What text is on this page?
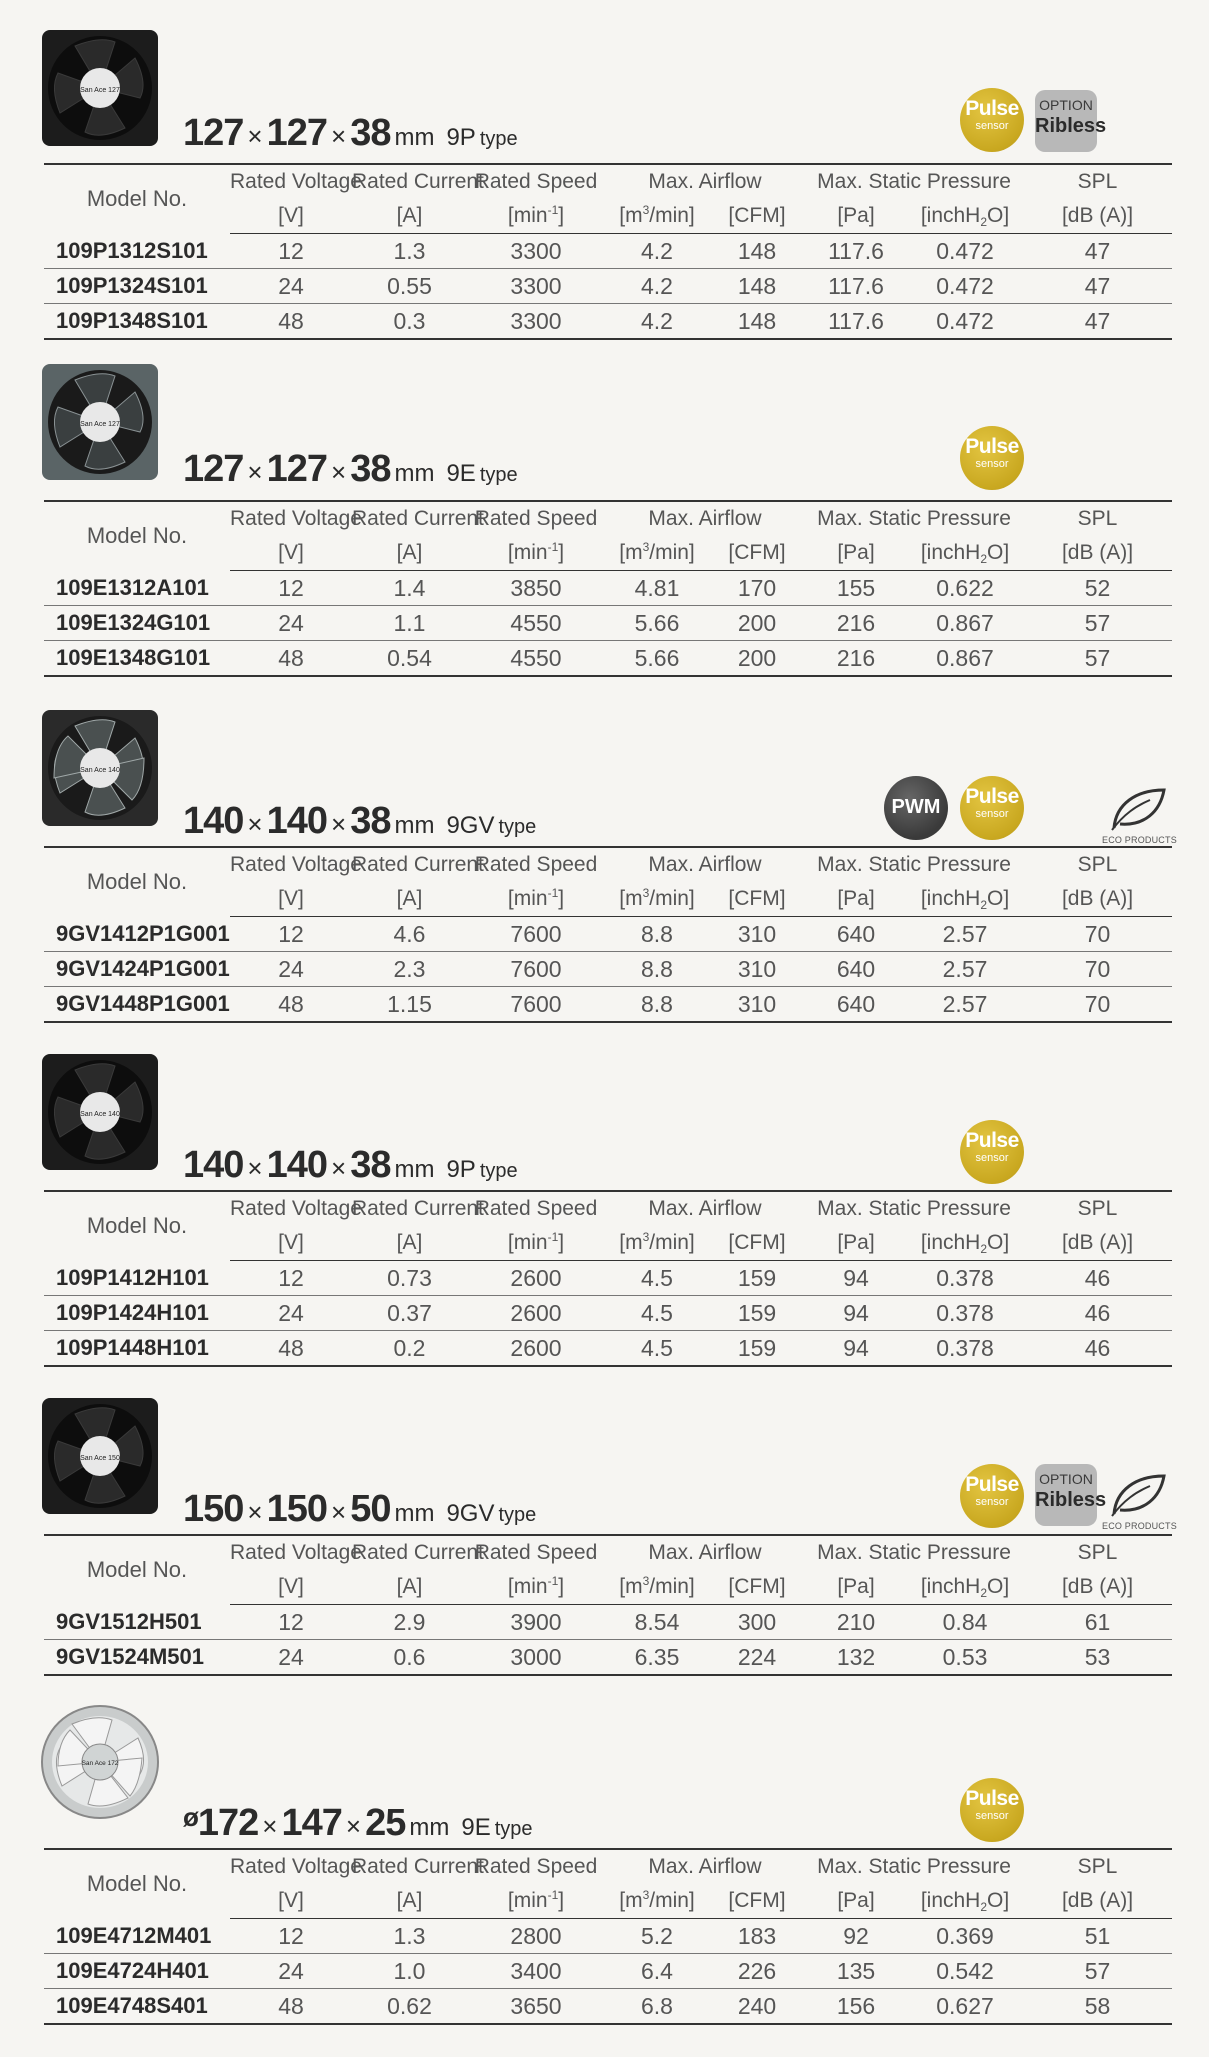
San Ace 127
127 × 127 × 38 mm 9P type
Pulse
sensor
OPTION
Ribless
Model No.	Rated Voltage	Rated Current	Rated Speed	Max. Airflow		Max. Static Pressure		SPL
	[V]	[A]	$[\min^{-1}]$	$[m^3/\min]$	[CFM]	[Pa]	[inchH2O]	[dB (A)]
109P1312S101	12	1.3	3300	4.2	148	117.6	0.472	47
109P1324S101	24	0.55	3300	4.2	148	117.6	0.472	47
109P1348S101	48	0.3	3300	4.2	148	117.6	0.472	47
San Ace 127
127 × 127 × 38 mm 9E type
Pulse
sensor
Model No.	Rated Voltage	Rated Current	Rated Speed	Max. Airflow		Max. Static Pressure		SPL
	[V]	[A]	$[\min^{-1}]$	$[m^3/\min]$	[CFM]	[Pa]	[inchH2O]	[dB (A)]
109E1312A101	12	1.4	3850	4.81	170	155	0.622	52
109E1324G101	24	1.1	4550	5.66	200	216	0.867	57
109E1348G101	48	0.54	4550	5.66	200	216	0.867	57
San Ace 140
140 × 140 × 38 mm 9GV type
PWM	Pulse
sensor
ECO PRODUCTS
Model No.	Rated Voltage	Rated Current	Rated Speed	Max. Airflow		Max. Static Pressure		SPL
	[V]	[A]	$[\min^{-1}]$	$[m^3/\min]$	[CFM]	[Pa]	[inchH2O]	[dB (A)]
9GV1412P1G001	12	4.6	7600	8.8	310	640	2.57	70
9GV1424P1G001	24	2.3	7600	8.8	310	640	2.57	70
9GV1448P1G001	48	1.15	7600	8.8	310	640	2.57	70
San Ace 140
140 × 140 × 38 mm 9P type
Pulse
sensor
Model No.	Rated Voltage	Rated Current	Rated Speed	Max. Airflow		Max. Static Pressure		SPL
	[V]	[A]	$[\min^{-1}]$	$[m^3/\min]$	[CFM]	[Pa]	[inchH2O]	[dB (A)]
109P1412H101	12	0.73	2600	4.5	159	94	0.378	46
109P1424H101	24	0.37	2600	4.5	159	94	0.378	46
109P1448H101	48	0.2	2600	4.5	159	94	0.378	46
San Ace 150
150 × 150 × 50 mm 9GV type
Pulse
sensor
OPTION
Ribless
ECO PRODUCTS
Model No.	Rated Voltage	Rated Current	Rated Speed	Max. Airflow		Max. Static Pressure		SPL
	[V]	[A]	$[\min^{-1}]$	$[m^3/\min]$	[CFM]	[Pa]	[inchH2O]	[dB (A)]
9GV1512H501	12	2.9	3900	8.54	300	210	0.84	61
9GV1524M501	24	0.6	3000	6.35	224	132	0.53	53
San Ace 172
ø172 × 147 × 25 mm 9E type
Pulse
sensor
Model No.	Rated Voltage	Rated Current	Rated Speed	Max. Airflow		Max. Static Pressure		SPL
	[V]	[A]	$[\min^{-1}]$	$[m^3/\min]$	[CFM]	[Pa]	[inchH2O]	[dB (A)]
109E4712M401	12	1.3	2800	5.2	183	92	0.369	51
109E4724H401	24	1.0	3400	6.4	226	135	0.542	57
109E4748S401	48	0.62	3650	6.8	240	156	0.627	58
